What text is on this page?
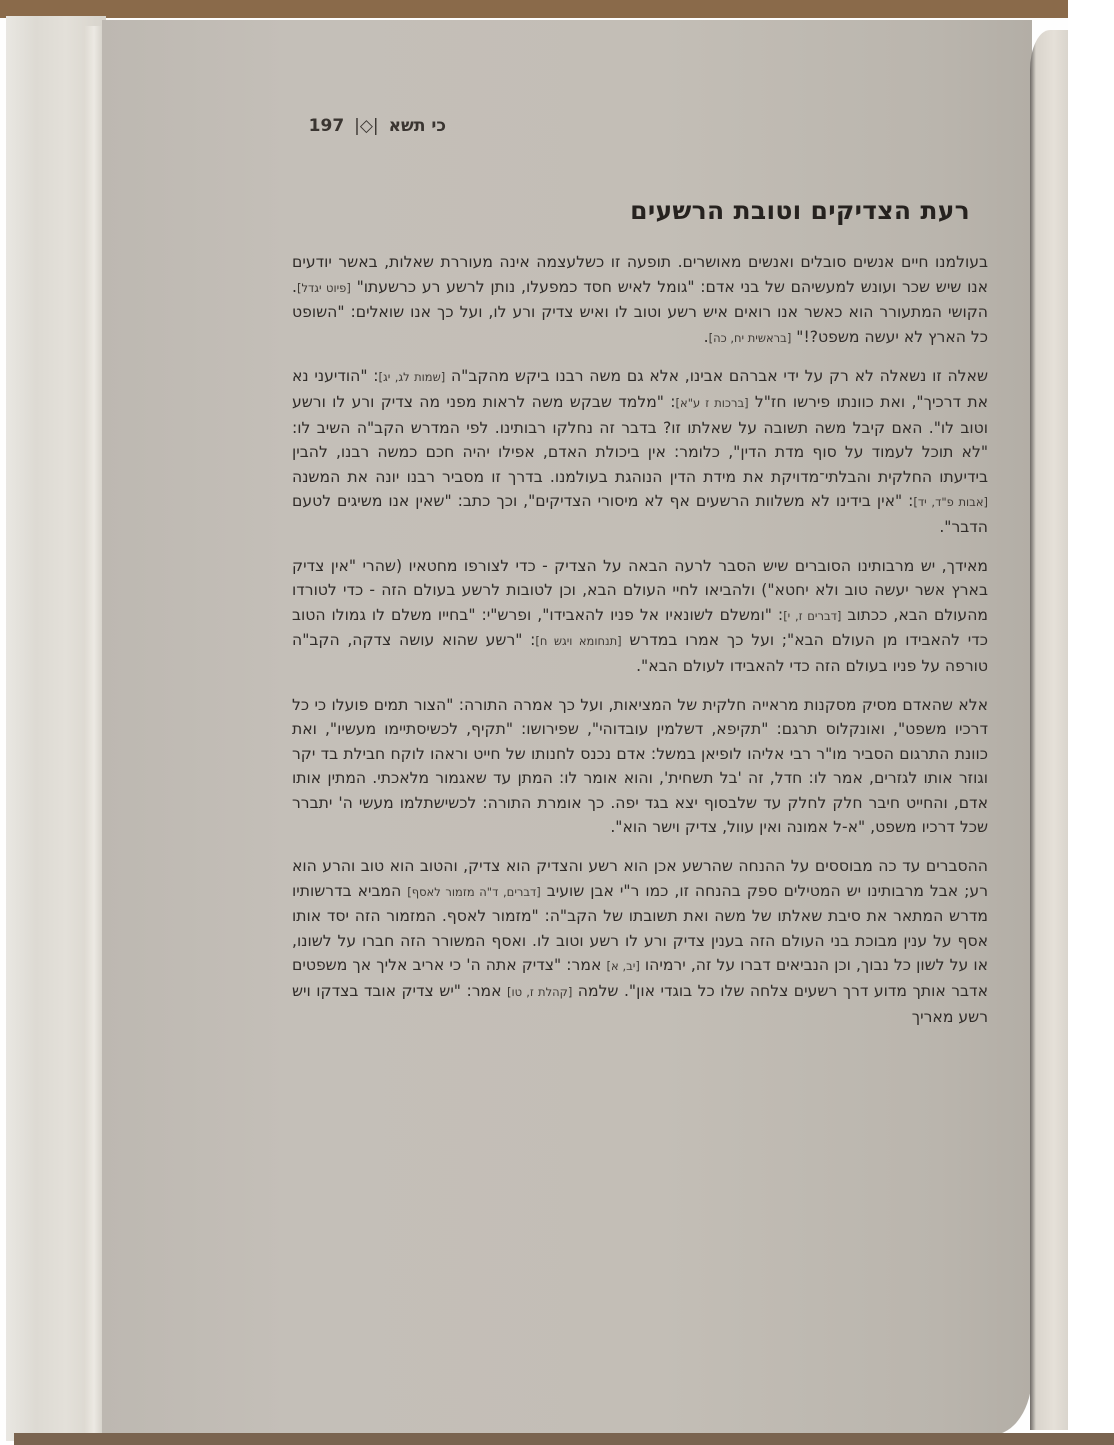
כי תשא |◇| 197
רעת הצדיקים וטובת הרשעים

בעולמנו חיים אנשים סובלים ואנשים מאושרים. תופעה זו כשלעצמה אינה מעוררת שאלות, באשר יודעים אנו שיש שכר ועונש למעשיהם של בני אדם: "גומל לאיש חסד כמפעלו, נותן לרשע רע כרשעתו" [פיוט יגדל]. הקושי המתעורר הוא כאשר אנו רואים איש רשע וטוב לו ואיש צדיק ורע לו, ועל כך אנו שואלים: "השופט כל הארץ לא יעשה משפט?!" [בראשית יח, כה].

שאלה זו נשאלה לא רק על ידי אברהם אבינו, אלא גם משה רבנו ביקש מהקב"ה [שמות לג, יג]: "הודיעני נא את דרכיך", ואת כוונתו פירשו חז"ל [ברכות ז ע"א]: "מלמד שבקש משה לראות מפני מה צדיק ורע לו ורשע וטוב לו". האם קיבל משה תשובה על שאלתו זו? בדבר זה נחלקו רבותינו. לפי המדרש הקב"ה השיב לו: "לא תוכל לעמוד על סוף מדת הדין", כלומר: אין ביכולת האדם, אפילו יהיה חכם כמשה רבנו, להבין בידיעתו החלקית והבלתי־מדויקת את מידת הדין הנוהגת בעולמנו. בדרך זו מסביר רבנו יונה את המשנה [אבות פ"ד, יד]: "אין בידינו לא משלוות הרשעים אף לא מיסורי הצדיקים", וכך כתב: "שאין אנו משיגים לטעם הדבר".

מאידך, יש מרבותינו הסוברים שיש הסבר לרעה הבאה על הצדיק - כדי לצורפו מחטאיו (שהרי "אין צדיק בארץ אשר יעשה טוב ולא יחטא") ולהביאו לחיי העולם הבא, וכן לטובות לרשע בעולם הזה - כדי לטורדו מהעולם הבא, ככתוב [דברים ז, י]: "ומשלם לשונאיו אל פניו להאבידו", ופרש"י: "בחייו משלם לו גמולו הטוב כדי להאבידו מן העולם הבא"; ועל כך אמרו במדרש [תנחומא ויגש ח]: "רשע שהוא עושה צדקה, הקב"ה טורפה על פניו בעולם הזה כדי להאבידו לעולם הבא".

אלא שהאדם מסיק מסקנות מראייה חלקית של המציאות, ועל כך אמרה התורה: "הצור תמים פועלו כי כל דרכיו משפט", ואונקלוס תרגם: "תקיפא, דשלמין עובדוהי", שפירושו: "תקיף, לכשיסתיימו מעשיו", ואת כוונת התרגום הסביר מו"ר רבי אליהו לופיאן במשל: אדם נכנס לחנותו של חייט וראהו לוקח חבילת בד יקר וגוזר אותו לגזרים, אמר לו: חדל, זה 'בל תשחית', והוא אומר לו: המתן עד שאגמור מלאכתי. המתין אותו אדם, והחייט חיבר חלק לחלק עד שלבסוף יצא בגד יפה. כך אומרת התורה: לכשישתלמו מעשי ה' יתברר שכל דרכיו משפט, "א-ל אמונה ואין עוול, צדיק וישר הוא".

ההסברים עד כה מבוססים על ההנחה שהרשע אכן הוא רשע והצדיק הוא צדיק, והטוב הוא טוב והרע הוא רע; אבל מרבותינו יש המטילים ספק בהנחה זו, כמו ר"י אבן שועיב [דברים, ד"ה מזמור לאסף] המביא בדרשותיו מדרש המתאר את סיבת שאלתו של משה ואת תשובתו של הקב"ה: "מזמור לאסף. המזמור הזה יסד אותו אסף על ענין מבוכת בני העולם הזה בענין צדיק ורע לו רשע וטוב לו. ואסף המשורר הזה חברו על לשונו, או על לשון כל נבוך, וכן הנביאים דברו על זה, ירמיהו [יב, א] אמר: "צדיק אתה ה' כי אריב אליך אך משפטים אדבר אותך מדוע דרך רשעים צלחה שלו כל בוגדי און". שלמה [קהלת ז, טו] אמר: "יש צדיק אובד בצדקו ויש רשע מאריך
